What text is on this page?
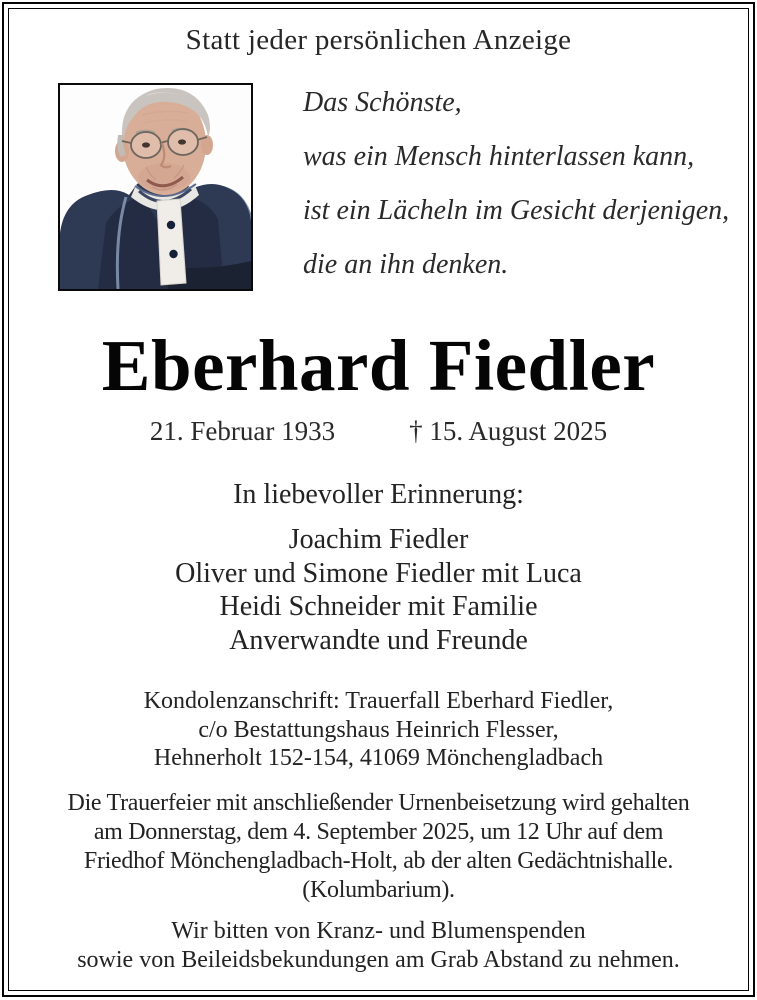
Statt jeder persönlichen Anzeige
Das Schönste,
was ein Mensch hinterlassen kann,
ist ein Lächeln im Gesicht derjenigen,
die an ihn denken.
Eberhard Fiedler
21. Februar 1933	† 15. August 2025
In liebevoller Erinnerung:
Joachim Fiedler
Oliver und Simone Fiedler mit Luca
Heidi Schneider mit Familie
Anverwandte und Freunde
Kondolenzanschrift: Trauerfall Eberhard Fiedler,
c/o Bestattungshaus Heinrich Flesser,
Hehnerholt 152-154, 41069 Mönchengladbach
Die Trauerfeier mit anschließender Urnenbeisetzung wird gehalten
am Donnerstag, dem 4. September 2025, um 12 Uhr auf dem
Friedhof Mönchengladbach-Holt, ab der alten Gedächtnishalle.
(Kolumbarium).
Wir bitten von Kranz- und Blumenspenden
sowie von Beileidsbekundungen am Grab Abstand zu nehmen.
